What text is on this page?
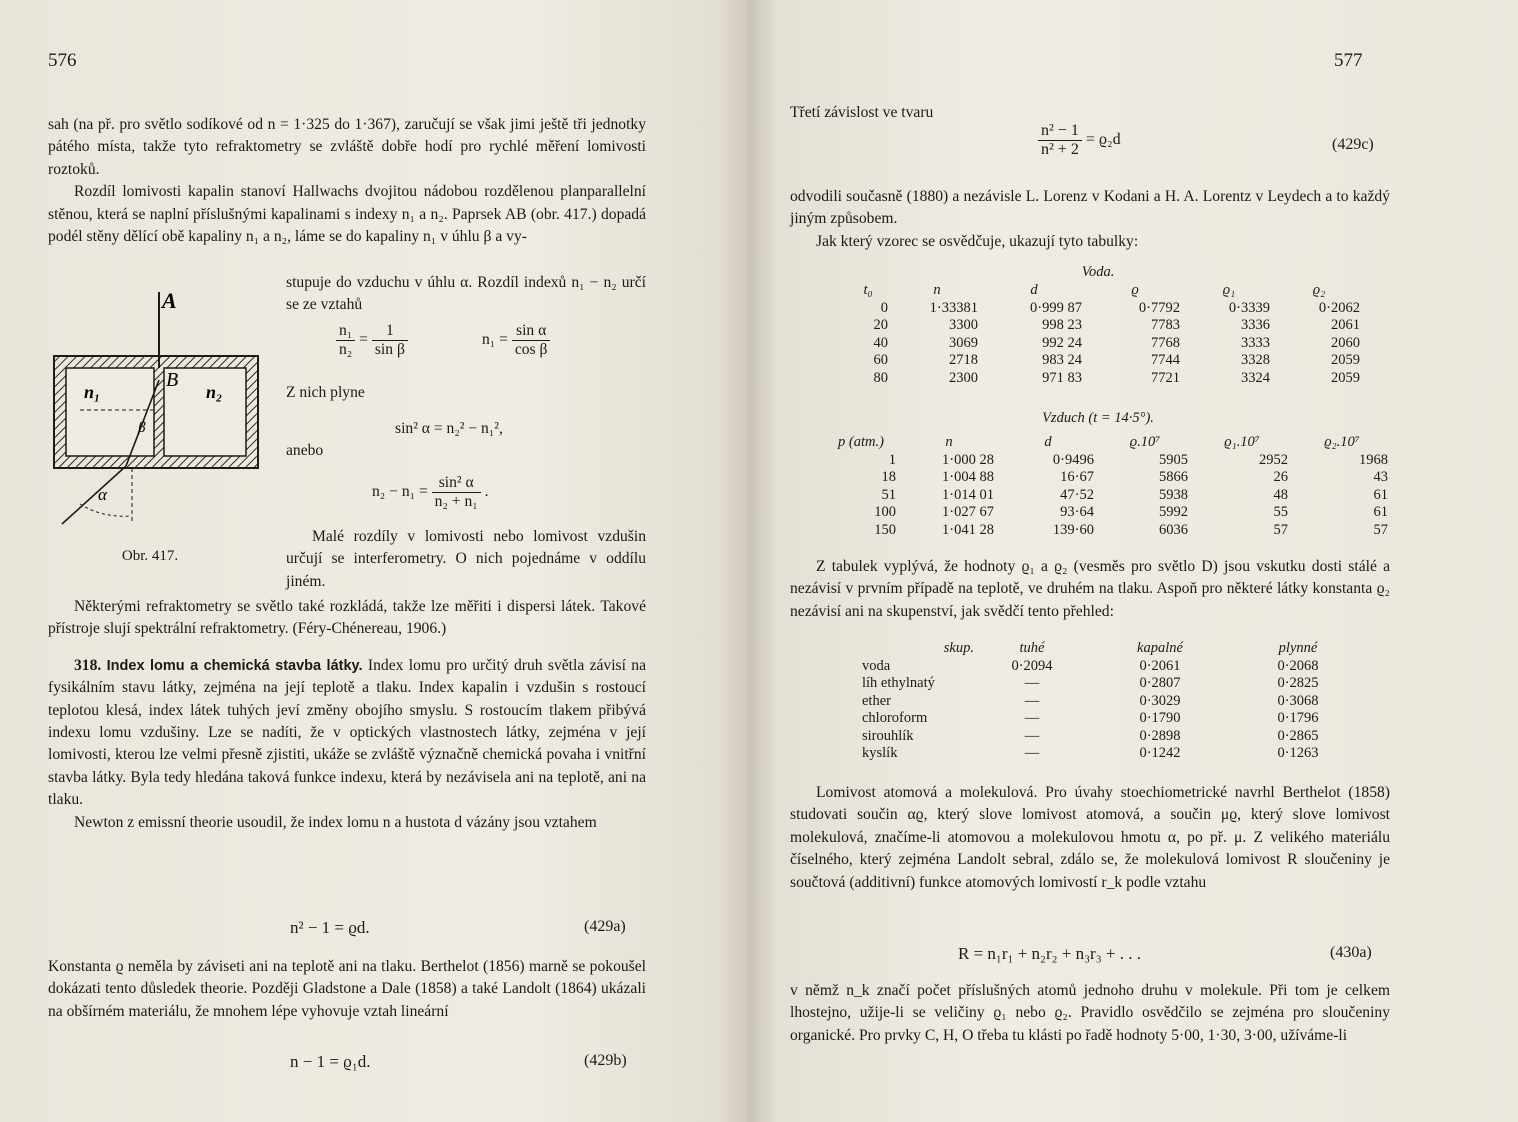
576

sah (na př. pro světlo sodíkové od n = 1·325 do 1·367), zaručují se však jimi ještě tři jednotky pátého místa, takže tyto refraktometry se zvláště dobře hodí pro rychlé měření lomivosti roztoků.

Rozdíl lomivosti kapalin stanoví Hallwachs dvojitou nádobou rozdělenou planparallelní stěnou, která se naplní příslušnými kapalinami s indexy n₁ a n₂. Paprsek AB (obr. 417.) dopadá podél stěny dělící obě kapaliny n₁ a n₂, láme se do kapaliny n₁ v úhlu β a vy-

stupuje do vzduchu v úhlu α. Rozdíl indexů n₁ − n₂ určí se ze vztahů
$\frac{\text{n₁}}{\text{n₂}} = \frac{1}{\text{sin β}}$	$n_1 = \frac{\text{sin α}}{\text{cos β}}$
Z nich plyne
sin² α = n₂² − n₁²,
anebo
$n_2 - n_1 = \frac{\text{sin² α}}{\text{n₂ + n₁}}$ .
Malé rozdíly v lomivosti nebo lomivost vzdušin určují se interferometry. O nich pojednáme v oddílu jiném.
A
B
n₁	n₂
β
α
Obr. 417.

Některými refraktometry se světlo také rozkládá, takže lze měřiti i dispersi látek. Takové přístroje slují spektrální refraktometry. (Féry-Chénereau, 1906.)

318. Index lomu a chemická stavba látky. Index lomu pro určitý druh světla závisí na fysikálním stavu látky, zejména na její teplotě a tlaku. Index kapalin i vzdušin s rostoucí teplotou klesá, index látek tuhých jeví změny obojího smyslu. S rostoucím tlakem přibývá indexu lomu vzdušiny. Lze se nadíti, že v optických vlastnostech látky, zejména v její lomivosti, kterou lze velmi přesně zjistiti, ukáže se zvláště význačně chemická povaha i vnitřní stavba látky. Byla tedy hledána taková funkce indexu, která by nezávisela ani na teplotě, ani na tlaku.

Newton z emissní theorie usoudil, že index lomu n a hustota d vázány jsou vztahem

n² − 1 = ϱd.	(429a)
Konstanta ϱ neměla by záviseti ani na teplotě ani na tlaku. Berthelot (1856) marně se pokoušel dokázati tento důsledek theorie. Později Gladstone a Dale (1858) a také Landolt (1864) ukázali na obšírném materiálu, že mnohem lépe vyhovuje vztah lineární
n − 1 = ϱ₁d.	(429b)
577
Třetí závislost ve tvaru
$\frac{\text{n² − 1}}{\text{n² + 2}} = ϱ_2d$	(429c)

odvodili současně (1880) a nezávisle L. Lorenz v Kodani a H. A. Lorentz v Leydech a to každý jiným způsobem.

Jak který vzorec se osvědčuje, ukazují tyto tabulky:

Voda.
t₀	n	d	ϱ	ϱ₁	ϱ₂
0	1·33381	0·999 87	0·7792	0·3339	0·2062
20	3300	998 23	7783	3336	2061
40	3069	992 24	7768	3333	2060
60	2718	983 24	7744	3328	2059
80	2300	971 83	7721	3324	2059
Vzduch (t = 14·5°).
p (atm.)	n	d	ϱ.10⁷	ϱ₁.10⁷	ϱ₂.10⁷
1	1·000 28	0·9496	5905	2952	1968
18	1·004 88	16·67	5866	26	43
51	1·014 01	47·52	5938	48	61
100	1·027 67	93·64	5992	55	61
150	1·041 28	139·60	6036	57	57
Z tabulek vyplývá, že hodnoty ϱ₁ a ϱ₂ (vesměs pro světlo D) jsou vskutku dosti stálé a nezávisí v prvním případě na teplotě, ve druhém na tlaku. Aspoň pro některé látky konstanta ϱ₂ nezávisí ani na skupenství, jak svědčí tento přehled:
skup.	tuhé	kapalné	plynné
voda	0·2094	0·2061	0·2068
líh ethylnatý	—	0·2807	0·2825
ether	—	0·3029	0·3068
chloroform	—	0·1790	0·1796
sirouhlík	—	0·2898	0·2865
kyslík	—	0·1242	0·1263
Lomivost atomová a molekulová. Pro úvahy stoechiometrické navrhl Berthelot (1858) studovati součin αϱ, který slove lomivost atomová, a součin μϱ, který slove lomivost molekulová, značíme-li atomovou a molekulovou hmotu α, po př. μ. Z velikého materiálu číselného, který zejména Landolt sebral, zdálo se, že molekulová lomivost R sloučeniny je součtová (additivní) funkce atomových lomivostí r_k podle vztahu
R = n₁r₁ + n₂r₂ + n₃r₃ + . . .	(430a)
v němž n_k značí počet příslušných atomů jednoho druhu v molekule. Při tom je celkem lhostejno, užije-li se veličiny ϱ₁ nebo ϱ₂. Pravidlo osvědčilo se zejména pro sloučeniny organické. Pro prvky C, H, O třeba tu klásti po řadě hodnoty 5·00, 1·30, 3·00, užíváme-li
